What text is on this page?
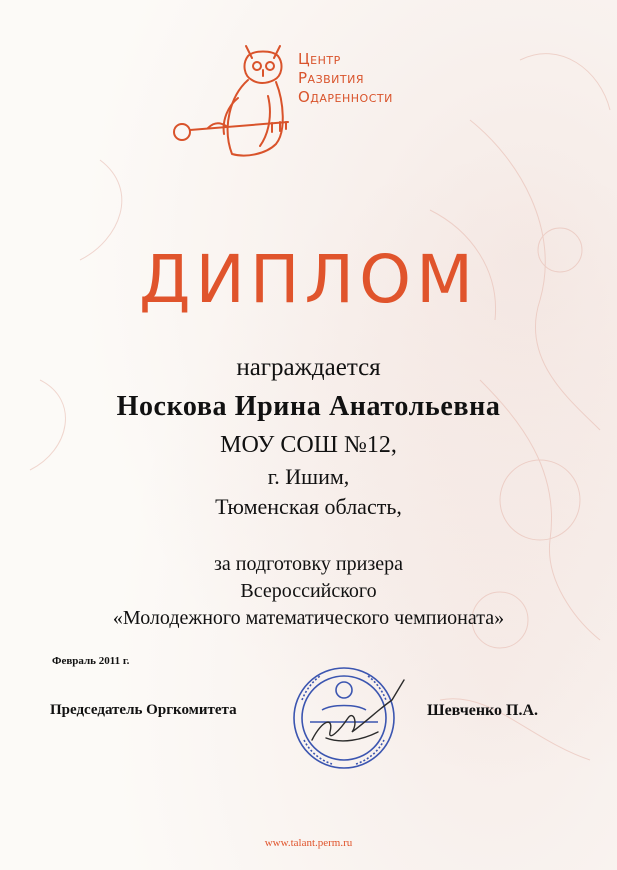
Центр
Развития
Одаренности
ДИПЛОМ
награждается
Носкова Ирина Анатольевна
МОУ СОШ №12,
г. Ишим,
Тюменская область,
за подготовку призера
Всероссийского
«Молодежного математического чемпионата»
Февраль 2011 г.
Председатель Оргкомитета	Шевченко П.А.
www.talant.perm.ru
